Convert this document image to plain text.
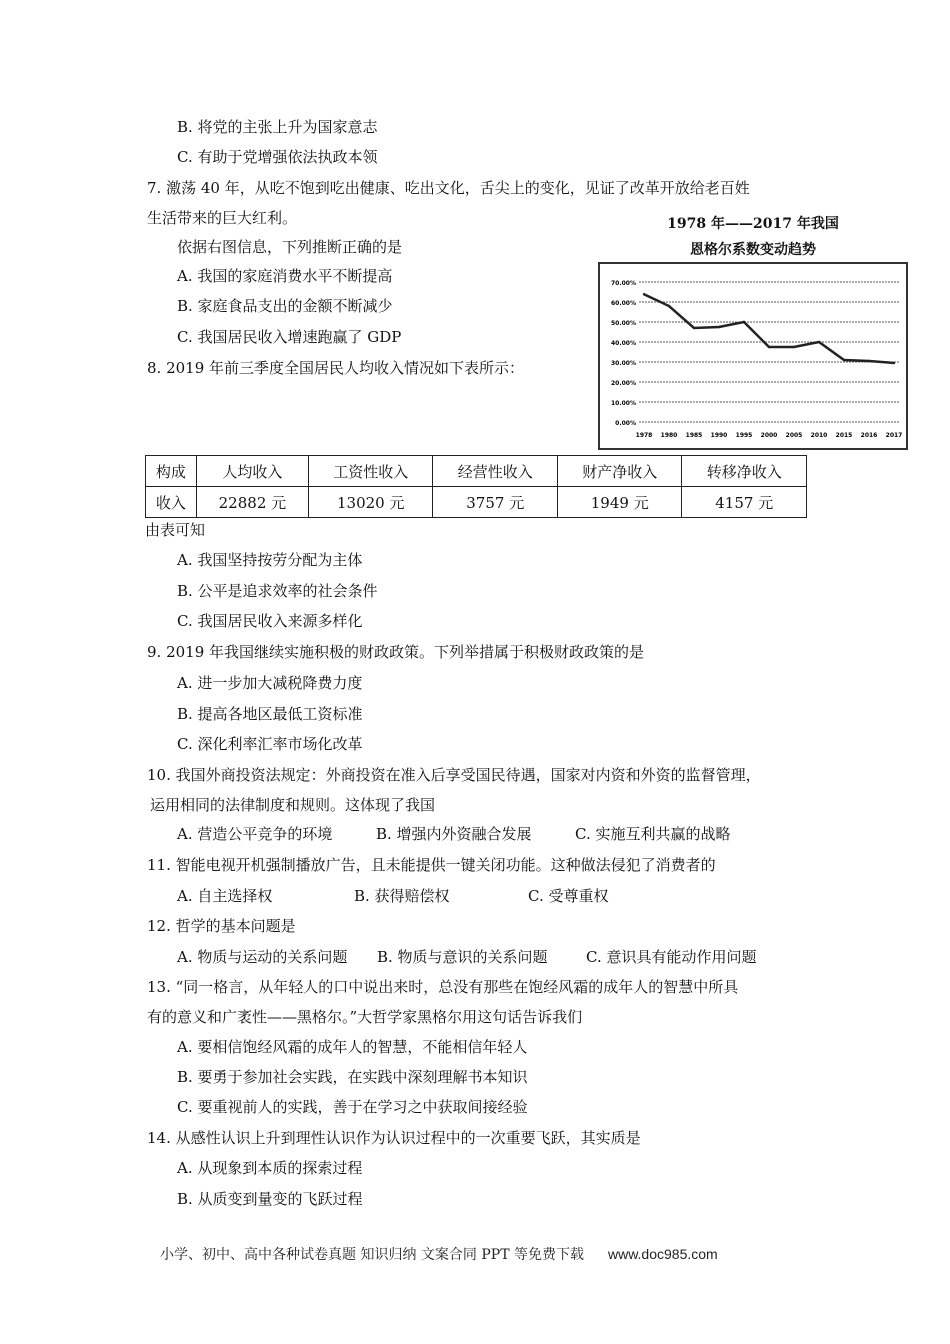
B. 将党的主张上升为国家意志
C. 有助于党增强依法执政本领
7. 激荡 40 年，从吃不饱到吃出健康、吃出文化，舌尖上的变化，见证了改革开放给老百姓
生活带来的巨大红利。
依据右图信息，下列推断正确的是
A. 我国的家庭消费水平不断提高
B. 家庭食品支出的金额不断减少
C. 我国居民收入增速跑赢了 GDP
1978 年——2017 年我国
恩格尔系数变动趋势
0.00%
10.00%
20.00%
30.00%
40.00%
50.00%
60.00%
70.00%
1978 1980 1985 1990 1995 2000 2005 2010 2015 2016 2017
8. 2019 年前三季度全国居民人均收入情况如下表所示：
构成	人均收入	工资性收入	经营性收入	财产净收入	转移净收入
收入	22882 元	13020 元	3757 元	1949 元	4157 元
由表可知
A. 我国坚持按劳分配为主体
B. 公平是追求效率的社会条件
C. 我国居民收入来源多样化
9. 2019 年我国继续实施积极的财政政策。下列举措属于积极财政政策的是
A. 进一步加大减税降费力度
B. 提高各地区最低工资标准
C. 深化利率汇率市场化改革
10. 我国外商投资法规定：外商投资在准入后享受国民待遇，国家对内资和外资的监督管理，
运用相同的法律制度和规则。这体现了我国
A. 营造公平竞争的环境	B. 增强内外资融合发展	C. 实施互利共赢的战略
11. 智能电视开机强制播放广告，且未能提供一键关闭功能。这种做法侵犯了消费者的
A. 自主选择权	B. 获得赔偿权	C. 受尊重权
12. 哲学的基本问题是
A. 物质与运动的关系问题 B. 物质与意识的关系问题	C. 意识具有能动作用问题
13. “同一格言，从年轻人的口中说出来时，总没有那些在饱经风霜的成年人的智慧中所具
有的意义和广袤性——黑格尔。”大哲学家黑格尔用这句话告诉我们
A. 要相信饱经风霜的成年人的智慧，不能相信年轻人
B. 要勇于参加社会实践，在实践中深刻理解书本知识
C. 要重视前人的实践，善于在学习之中获取间接经验
14. 从感性认识上升到理性认识作为认识过程中的一次重要飞跃，其实质是
A. 从现象到本质的探索过程
B. 从质变到量变的飞跃过程
小学、初中、高中各种试卷真题 知识归纳 文案合同 PPT 等免费下载 www.doc985.com
